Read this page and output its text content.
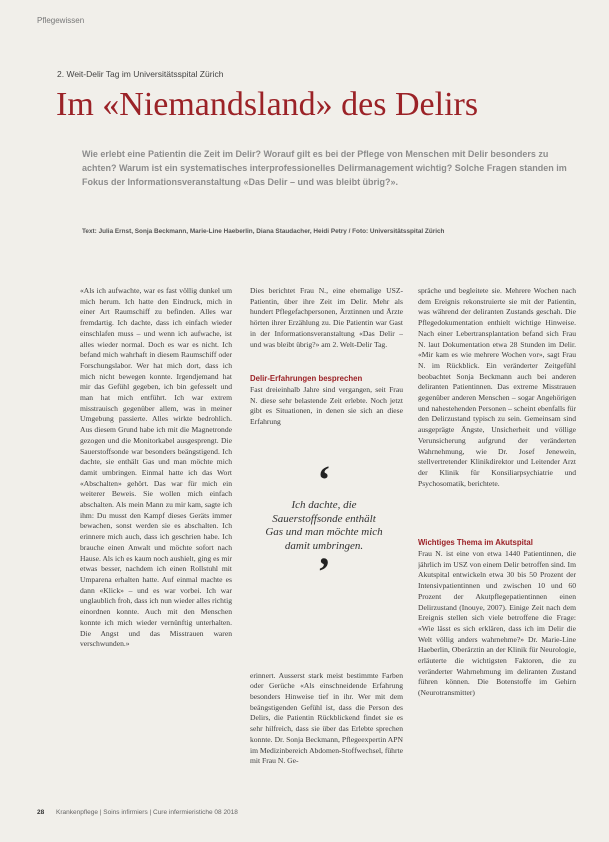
Pflegewissen
2. Weit-Delir Tag im Universitätsspital Zürich
Im «Niemandsland» des Delirs

Wie erlebt eine Patientin die Zeit im Delir? Worauf gilt es bei der Pflege von Menschen mit Delir besonders zu achten? Warum ist ein systematisches interprofessionelles Delirmanagement wichtig? Solche Fragen standen im Fokus der Informationsveranstaltung «Das Delir – und was bleibt übrig?».

Text: Julia Ernst, Sonja Beckmann, Marie-Line Haeberlin, Diana Staudacher, Heidi Petry / Foto: Universitätsspital Zürich

«Als ich aufwachte, war es fast völlig dunkel um mich herum. Ich hatte den Eindruck, mich in einer Art Raumschiff zu befinden. Alles war fremdartig. Ich dachte, dass ich einfach wieder einschlafen muss – und wenn ich aufwache, ist alles wieder normal. Doch es war es nicht. Ich befand mich wahrhaft in diesem Raumschiff oder Forschungslabor. Wer hat mich dort, dass ich mich nicht bewegen konnte. Irgendjemand hat mir das Gefühl gegeben, ich bin gefesselt und man hat mich entführt. Ich war extrem misstrauisch gegenüber allem, was in meiner Umgebung passierte. Alles wirkte bedrohlich. Aus diesem Grund habe ich mit die Magnetronde gezogen und die Monitorkabel ausgesprengt. Die Sauerstoffsonde war besonders beängstigend. Ich dachte, sie enthält Gas und man möchte mich damit umbringen. Einmal hatte ich das Wort «Abschalten» gehört. Das war für mich ein weiterer Beweis. Sie wollen mich einfach abschalten. Als mein Mann zu mir kam, sagte ich ihm: Du musst den Kampf dieses Geräts immer bewachen, sonst werden sie es abschalten. Ich erinnere mich auch, dass ich geschrien habe. Ich brauche einen Anwalt und möchte sofort nach Hause. Als ich es kaum noch aushielt, ging es mir etwas besser, nachdem ich einen Rollstuhl mit Umparena erhalten hatte. Auf einmal machte es dann «Klick» – und es war vorbei. Ich war unglaublich froh, dass ich nun wieder alles richtig einordnen konnte. Auch mit den Menschen konnte ich mich wieder vernünftig unterhalten. Die Angst und das Misstrauen waren verschwunden.»

Dies berichtet Frau N., eine ehemalige USZ-Patientin, über ihre Zeit im Delir. Mehr als hundert Pflegefachpersonen, Ärztinnen und Ärzte hörten ihrer Erzählung zu. Die Patientin war Gast in der Informationsveranstaltung «Das Delir – und was bleibt übrig?» am 2. Welt-Delir Tag.

Delir-Erfahrungen besprechen

Fast dreieinhalb Jahre sind vergangen, seit Frau N. diese sehr belastende Zeit erlebte. Noch jetzt gibt es Situationen, in denen sie sich an diese Erfahrung

‘

Ich dachte, die Sauerstoffsonde enthält Gas und man möchte mich damit umbringen.

’

erinnert. Ausserst stark meist bestimmte Farben oder Gerüche «Als einschneidende Erfahrung besonders Hinweise tief in ihr. Wer mit dem beängstigenden Gefühl ist, dass die Person des Delirs, die Patientin Rückblickend findet sie es sehr hilfreich, dass sie über das Erlebte sprechen konnte. Dr. Sonja Beckmann, Pflegeexpertin APN im Medizinbereich Abdomen-Stoffwechsel, führte mit Frau N. Ge-

spräche und begleitete sie. Mehrere Wochen nach dem Ereignis rekonstruierte sie mit der Patientin, was während der deliranten Zustands geschah. Die Pflegedokumentation enthielt wichtige Hinweise. Nach einer Lebertransplantation befand sich Frau N. laut Dokumentation etwa 28 Stunden im Delir. «Mir kam es wie mehrere Wochen vor», sagt Frau N. im Rückblick. Ein veränderter Zeitgefühl beobachtet Sonja Beckmann auch bei anderen deliranten Patientinnen. Das extreme Misstrauen gegenüber anderen Menschen – sogar Angehörigen und nahestehenden Personen – scheint ebenfalls für den Delirzustand typisch zu sein. Gemeinsam sind ausgeprägte Ängste, Unsicherheit und völlige Verunsicherung aufgrund der veränderten Wahrnehmung, wie Dr. Josef Jenewein, stellvertretender Klinikdirektor und Leitender Arzt der Klinik für Konsiliarpsychiatrie und Psychosomatik, berichtete.

Wichtiges Thema im Akutspital

Frau N. ist eine von etwa 1440 Patientinnen, die jährlich im USZ von einem Delir betroffen sind. Im Akutspital entwickeln etwa 30 bis 50 Prozent der Intensivpatientinnen und zwischen 10 und 60 Prozent der Akutpflegepatientinnen einen Delirzustand (Inouye, 2007). Einige Zeit nach dem Ereignis stellen sich viele betroffene die Frage: «Wie lässt es sich erklären, dass ich im Delir die Welt völlig anders wahrnehme?» Dr. Marie-Line Haeberlin, Oberärztin an der Klinik für Neurologie, erläuterte die wichtigsten Faktoren, die zu veränderter Wahrnehmung im deliranten Zustand führen können. Die Botenstoffe im Gehirn (Neurotransmitter)

28 Krankenpflege | Soins infirmiers | Cure infermieristiche 08 2018
